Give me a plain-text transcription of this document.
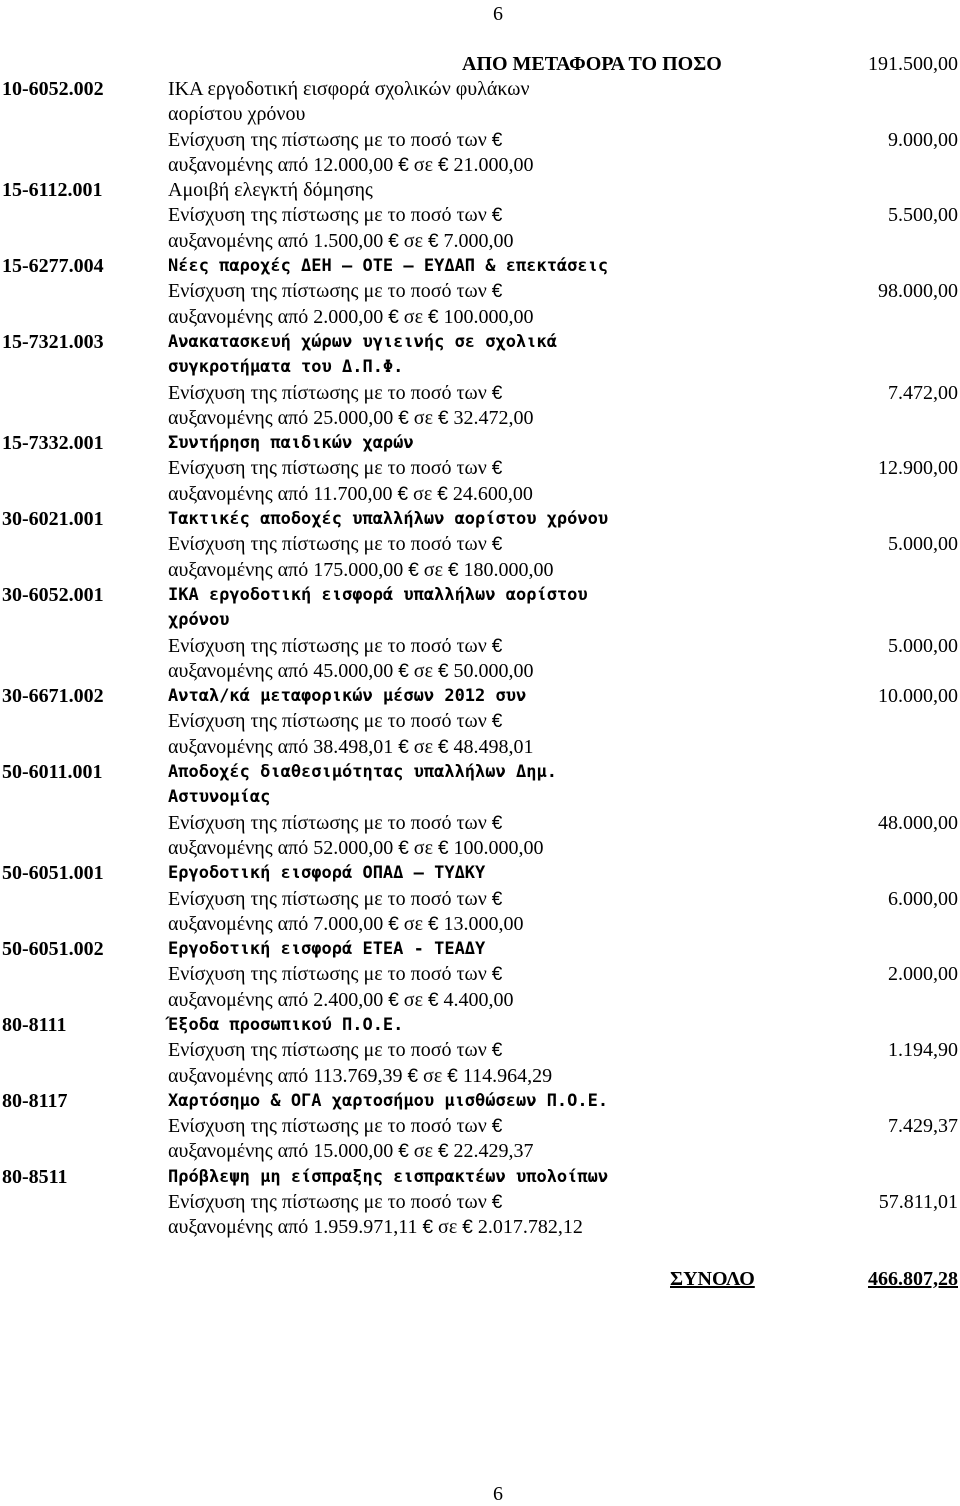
6
ΑΠΟ ΜΕΤΑΦΟΡΑ ΤΟ ΠΟΣΟ	191.500,00
10-6052.002	ΙΚΑ εργοδοτική εισφορά σχολικών φυλάκων
αορίστου χρόνου
Ενίσχυση της πίστωσης με το ποσό των €	9.000,00
αυξανομένης από 12.000,00 € σε € 21.000,00
15-6112.001	Αμοιβή ελεγκτή δόμησης
Ενίσχυση της πίστωσης με το ποσό των €	5.500,00
αυξανομένης από 1.500,00 € σε € 7.000,00
15-6277.004	Νέες παροχές ΔΕΗ – ΟΤΕ – ΕΥΔΑΠ & επεκτάσεις
Ενίσχυση της πίστωσης με το ποσό των €	98.000,00
αυξανομένης από 2.000,00 € σε € 100.000,00
15-7321.003	Ανακατασκευή χώρων υγιεινής σε σχολικά
συγκροτήματα του Δ.Π.Φ.
Ενίσχυση της πίστωσης με το ποσό των €	7.472,00
αυξανομένης από 25.000,00 € σε € 32.472,00
15-7332.001	Συντήρηση παιδικών χαρών
Ενίσχυση της πίστωσης με το ποσό των €	12.900,00
αυξανομένης από 11.700,00 € σε € 24.600,00
30-6021.001	Τακτικές αποδοχές υπαλλήλων αορίστου χρόνου
Ενίσχυση της πίστωσης με το ποσό των €	5.000,00
αυξανομένης από 175.000,00 € σε € 180.000,00
30-6052.001	ΙΚΑ εργοδοτική εισφορά υπαλλήλων αορίστου
χρόνου
Ενίσχυση της πίστωσης με το ποσό των €	5.000,00
αυξανομένης από 45.000,00 € σε € 50.000,00
30-6671.002	Ανταλ/κά μεταφορικών μέσων 2012 συν	10.000,00
Ενίσχυση της πίστωσης με το ποσό των €
αυξανομένης από 38.498,01 € σε € 48.498,01
50-6011.001	Αποδοχές διαθεσιμότητας υπαλλήλων Δημ.
Αστυνομίας
Ενίσχυση της πίστωσης με το ποσό των €	48.000,00
αυξανομένης από 52.000,00 € σε € 100.000,00
50-6051.001	Εργοδοτική εισφορά ΟΠΑΔ – ΤΥΔΚΥ
Ενίσχυση της πίστωσης με το ποσό των €	6.000,00
αυξανομένης από 7.000,00 € σε € 13.000,00
50-6051.002	Εργοδοτική εισφορά ΕΤΕΑ - ΤΕΑΔΥ
Ενίσχυση της πίστωσης με το ποσό των €	2.000,00
αυξανομένης από 2.400,00 € σε € 4.400,00
80-8111	Έξοδα προσωπικού Π.Ο.Ε.
Ενίσχυση της πίστωσης με το ποσό των €	1.194,90
αυξανομένης από 113.769,39 € σε € 114.964,29
80-8117	Χαρτόσημο & ΟΓΑ χαρτοσήμου μισθώσεων Π.Ο.Ε.
Ενίσχυση της πίστωσης με το ποσό των €	7.429,37
αυξανομένης από 15.000,00 € σε € 22.429,37
80-8511	Πρόβλεψη μη είσπραξης εισπρακτέων υπολοίπων
Ενίσχυση της πίστωσης με το ποσό των €	57.811,01
αυξανομένης από 1.959.971,11 € σε € 2.017.782,12
ΣΥΝΟΛΟ	466.807,28
6
